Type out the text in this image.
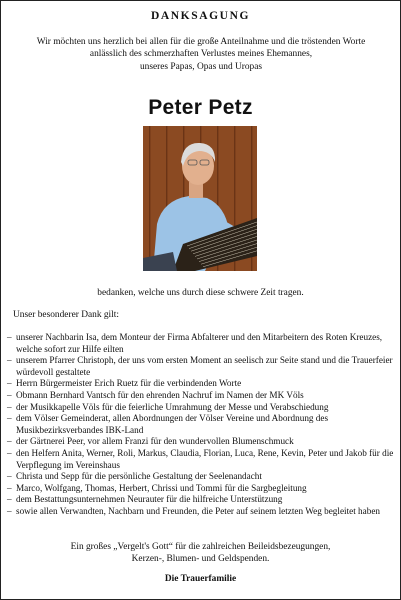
DANKSAGUNG
Wir möchten uns herzlich bei allen für die große Anteilnahme und die tröstenden Worte
anlässlich des schmerzhaften Verlustes meines Ehemannes,
unseres Papas, Opas und Uropas
Peter Petz
bedanken, welche uns durch diese schwere Zeit tragen.
Unser besonderer Dank gilt:
– unserer Nachbarin Isa, dem Monteur der Firma Abfalterer und den Mitarbeitern des Roten Kreuzes, welche sofort zur Hilfe eilten
– unserem Pfarrer Christoph, der uns vom ersten Moment an seelisch zur Seite stand und die Trauerfeier würdevoll gestaltete
– Herrn Bürgermeister Erich Ruetz für die verbindenden Worte
– Obmann Bernhard Vantsch für den ehrenden Nachruf im Namen der MK Völs
– der Musikkapelle Völs für die feierliche Umrahmung der Messe und Verabschiedung
– dem Völser Gemeinderat, allen Abordnungen der Völser Vereine und Abordnung des Musikbezirksverbandes IBK-Land
– der Gärtnerei Peer, vor allem Franzi für den wundervollen Blumenschmuck
– den Helfern Anita, Werner, Roli, Markus, Claudia, Florian, Luca, Rene, Kevin, Peter und Jakob für die Verpflegung im Vereinshaus
– Christa und Sepp für die persönliche Gestaltung der Seelenandacht
– Marco, Wolfgang, Thomas, Herbert, Chrissi und Tommi für die Sargbegleitung
– dem Bestattungsunternehmen Neurauter für die hilfreiche Unterstützung
– sowie allen Verwandten, Nachbarn und Freunden, die Peter auf seinem letzten Weg begleitet haben
Ein großes „Vergelt's Gott“ für die zahlreichen Beileidsbezeugungen,
Kerzen-, Blumen- und Geldspenden.
Die Trauerfamilie
